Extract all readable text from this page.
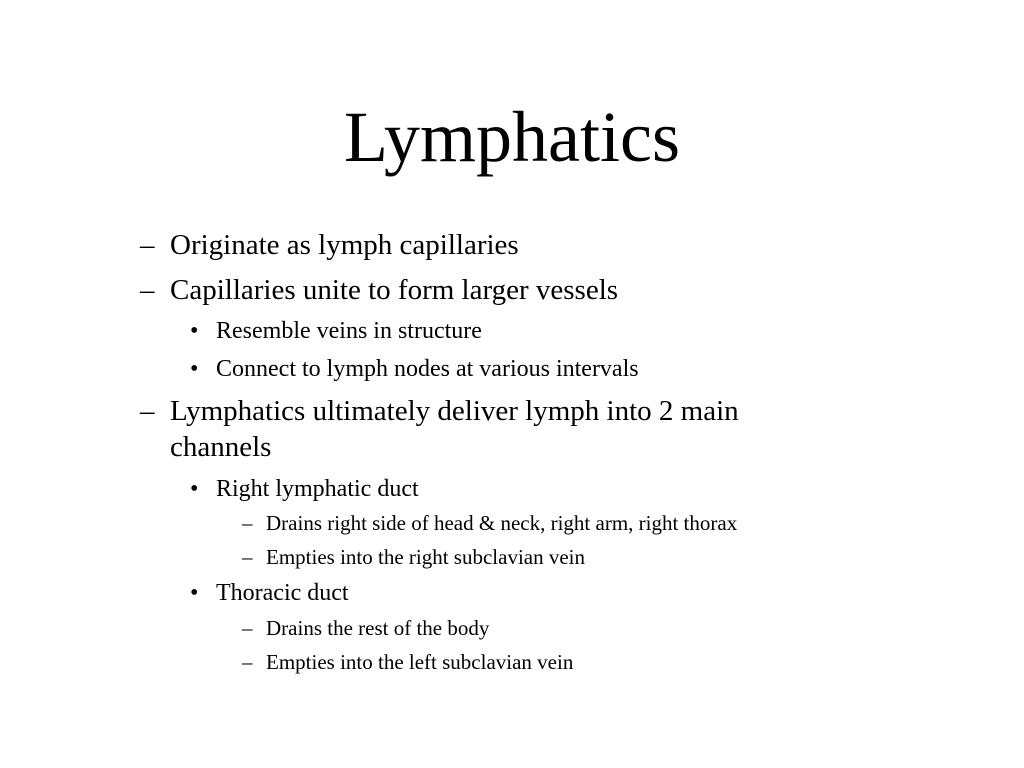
Lymphatics
– Originate as lymph capillaries
– Capillaries unite to form larger vessels
• Resemble veins in structure
• Connect to lymph nodes at various intervals
– Lymphatics ultimately deliver lymph into 2 main
channels
• Right lymphatic duct
– Drains right side of head & neck, right arm, right thorax
– Empties into the right subclavian vein
• Thoracic duct
– Drains the rest of the body
– Empties into the left subclavian vein
